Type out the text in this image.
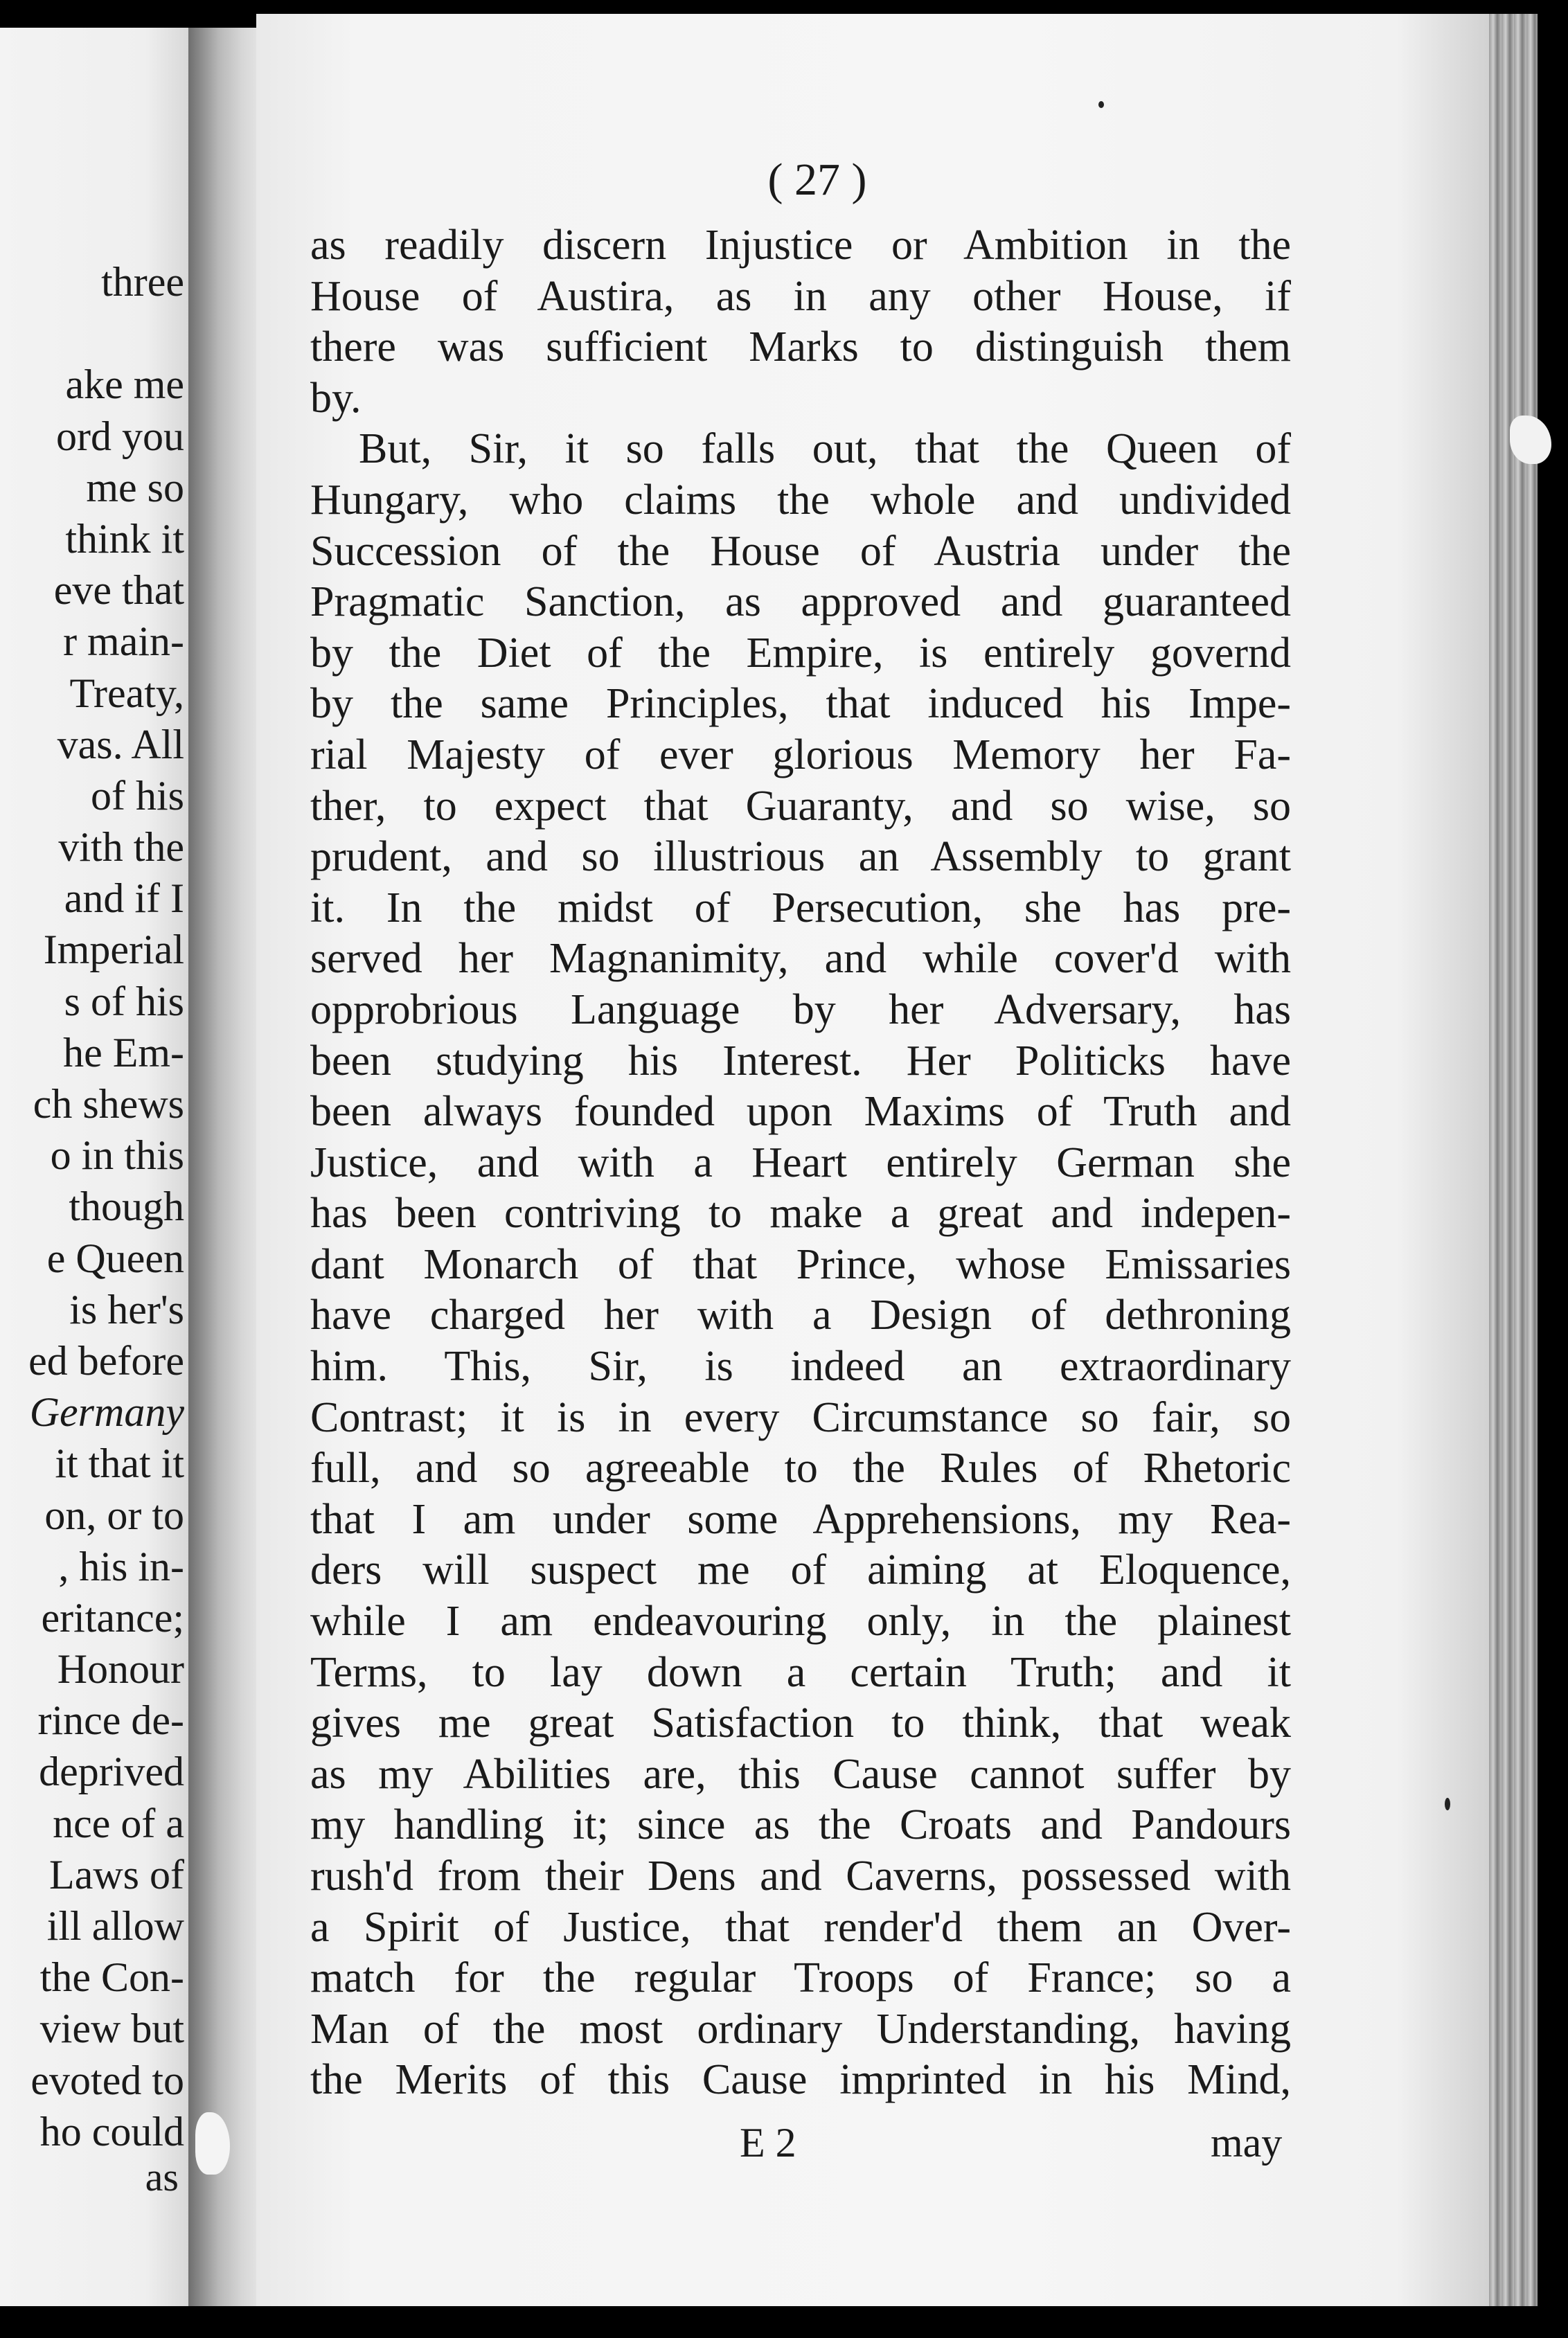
three
ake me
ord you
me so
think it
eve that
r main-
Treaty,
vas. All
of his
vith the
and if I
Imperial
s of his
he Em-
ch shews
o in this
though
e Queen
is her's
ed before
Germany
it that it
on, or to
, his in-
eritance;
Honour
rince de-
deprived
nce of a
Laws of
ill allow
the Con-
view but
evoted to
ho could
as
( 27 )
as readily discern Injustice or Ambition in the
House of Austira, as in any other House, if
there was sufficient Marks to distinguish them
by.
But, Sir, it so falls out, that the Queen of
Hungary, who claims the whole and undivided
Succession of the House of Austria under the
Pragmatic Sanction, as approved and guaranteed
by the Diet of the Empire, is entirely governd
by the same Principles, that induced his Impe-
rial Majesty of ever glorious Memory her Fa-
ther, to expect that Guaranty, and so wise, so
prudent, and so illustrious an Assembly to grant
it. In the midst of Persecution, she has pre-
served her Magnanimity, and while cover'd with
opprobrious Language by her Adversary, has
been studying his Interest. Her Politicks have
been always founded upon Maxims of Truth and
Justice, and with a Heart entirely German she
has been contriving to make a great and indepen-
dant Monarch of that Prince, whose Emissaries
have charged her with a Design of dethroning
him. This, Sir, is indeed an extraordinary
Contrast; it is in every Circumstance so fair, so
full, and so agreeable to the Rules of Rhetoric
that I am under some Apprehensions, my Rea-
ders will suspect me of aiming at Eloquence,
while I am endeavouring only, in the plainest
Terms, to lay down a certain Truth; and it
gives me great Satisfaction to think, that weak
as my Abilities are, this Cause cannot suffer by
my handling it; since as the Croats and Pandours
rush'd from their Dens and Caverns, possessed with
a Spirit of Justice, that render'd them an Over-
match for the regular Troops of France; so a
Man of the most ordinary Understanding, having
the Merits of this Cause imprinted in his Mind,
E 2	may
